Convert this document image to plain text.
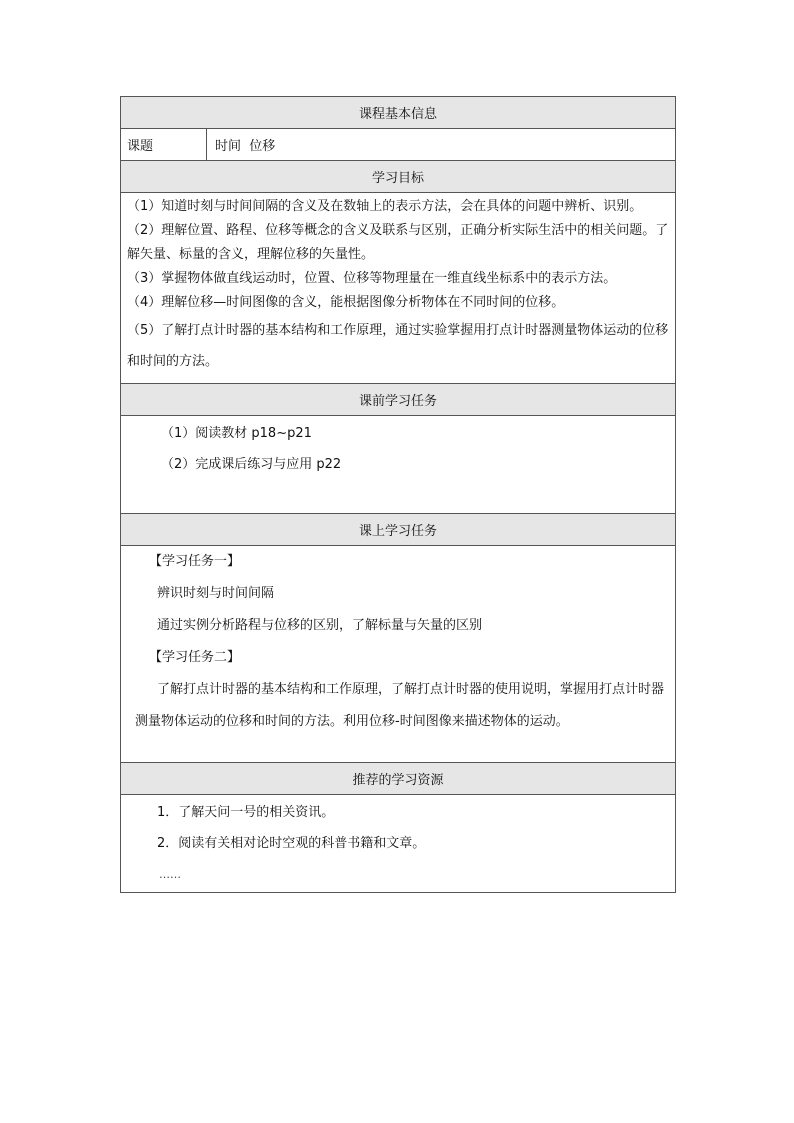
课程基本信息
课题	时间  位移
学习目标

（1）知道时刻与时间间隔的含义及在数轴上的表示方法，会在具体的问题中辨析、识别。

（2）理解位置、路程、位移等概念的含义及联系与区别，正确分析实际生活中的相关问题。了解矢量、标量的含义，理解位移的矢量性。

（3）掌握物体做直线运动时，位置、位移等物理量在一维直线坐标系中的表示方法。

（4）理解位移—时间图像的含义，能根据图像分析物体在不同时间的位移。

（5）了解打点计时器的基本结构和工作原理，通过实验掌握用打点计时器测量物体运动的位移和时间的方法。

课前学习任务

（1）阅读教材 p18~p21

（2）完成课后练习与应用 p22

课上学习任务

【学习任务一】

辨识时刻与时间间隔

通过实例分析路程与位移的区别，了解标量与矢量的区别

【学习任务二】

了解打点计时器的基本结构和工作原理，了解打点计时器的使用说明，掌握用打点计时器测量物体运动的位移和时间的方法。利用位移-时间图像来描述物体的运动。

推荐的学习资源

1．了解天问一号的相关资讯。

2．阅读有关相对论时空观的科普书籍和文章。

……
